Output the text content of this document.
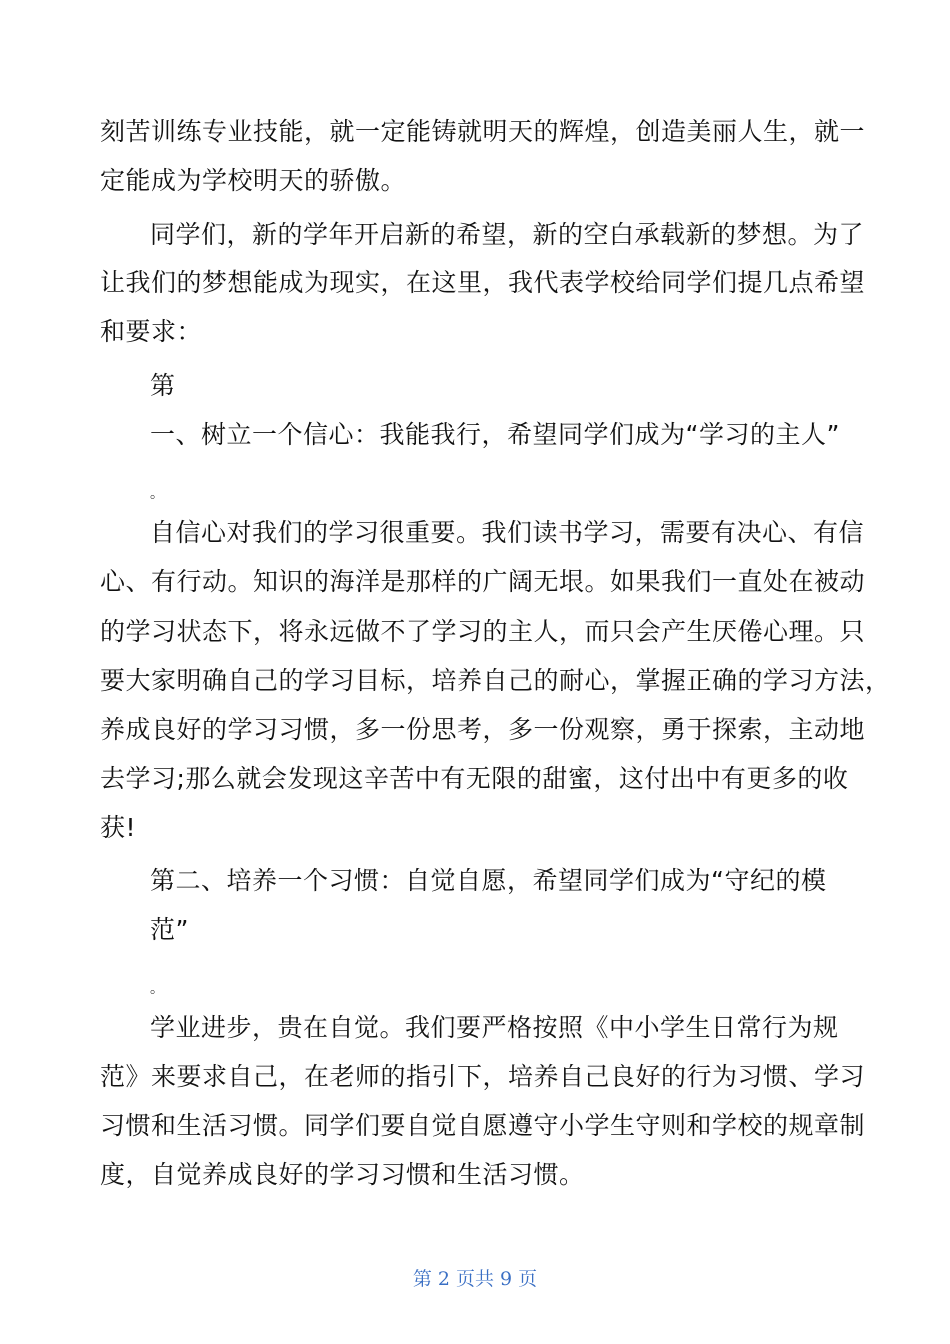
刻苦训练专业技能，就一定能铸就明天的辉煌，创造美丽人生，就一
定能成为学校明天的骄傲。
同学们，新的学年开启新的希望，新的空白承载新的梦想。为了
让我们的梦想能成为现实，在这里，我代表学校给同学们提几点希望
和要求：
第
一、树立一个信心：我能我行，希望同学们成为“学习的主人”
。
自信心对我们的学习很重要。我们读书学习，需要有决心、有信
心、有行动。知识的海洋是那样的广阔无垠。如果我们一直处在被动
的学习状态下，将永远做不了学习的主人，而只会产生厌倦心理。只
要大家明确自己的学习目标，培养自己的耐心，掌握正确的学习方法，
养成良好的学习习惯，多一份思考，多一份观察，勇于探索，主动地
去学习;那么就会发现这辛苦中有无限的甜蜜，这付出中有更多的收
获!
第二、培养一个习惯：自觉自愿，希望同学们成为“守纪的模
范”
。
学业进步，贵在自觉。我们要严格按照《中小学生日常行为规
范》来要求自己，在老师的指引下，培养自己良好的行为习惯、学习
习惯和生活习惯。同学们要自觉自愿遵守小学生守则和学校的规章制
度，自觉养成良好的学习习惯和生活习惯。
第 2 页共 9 页
